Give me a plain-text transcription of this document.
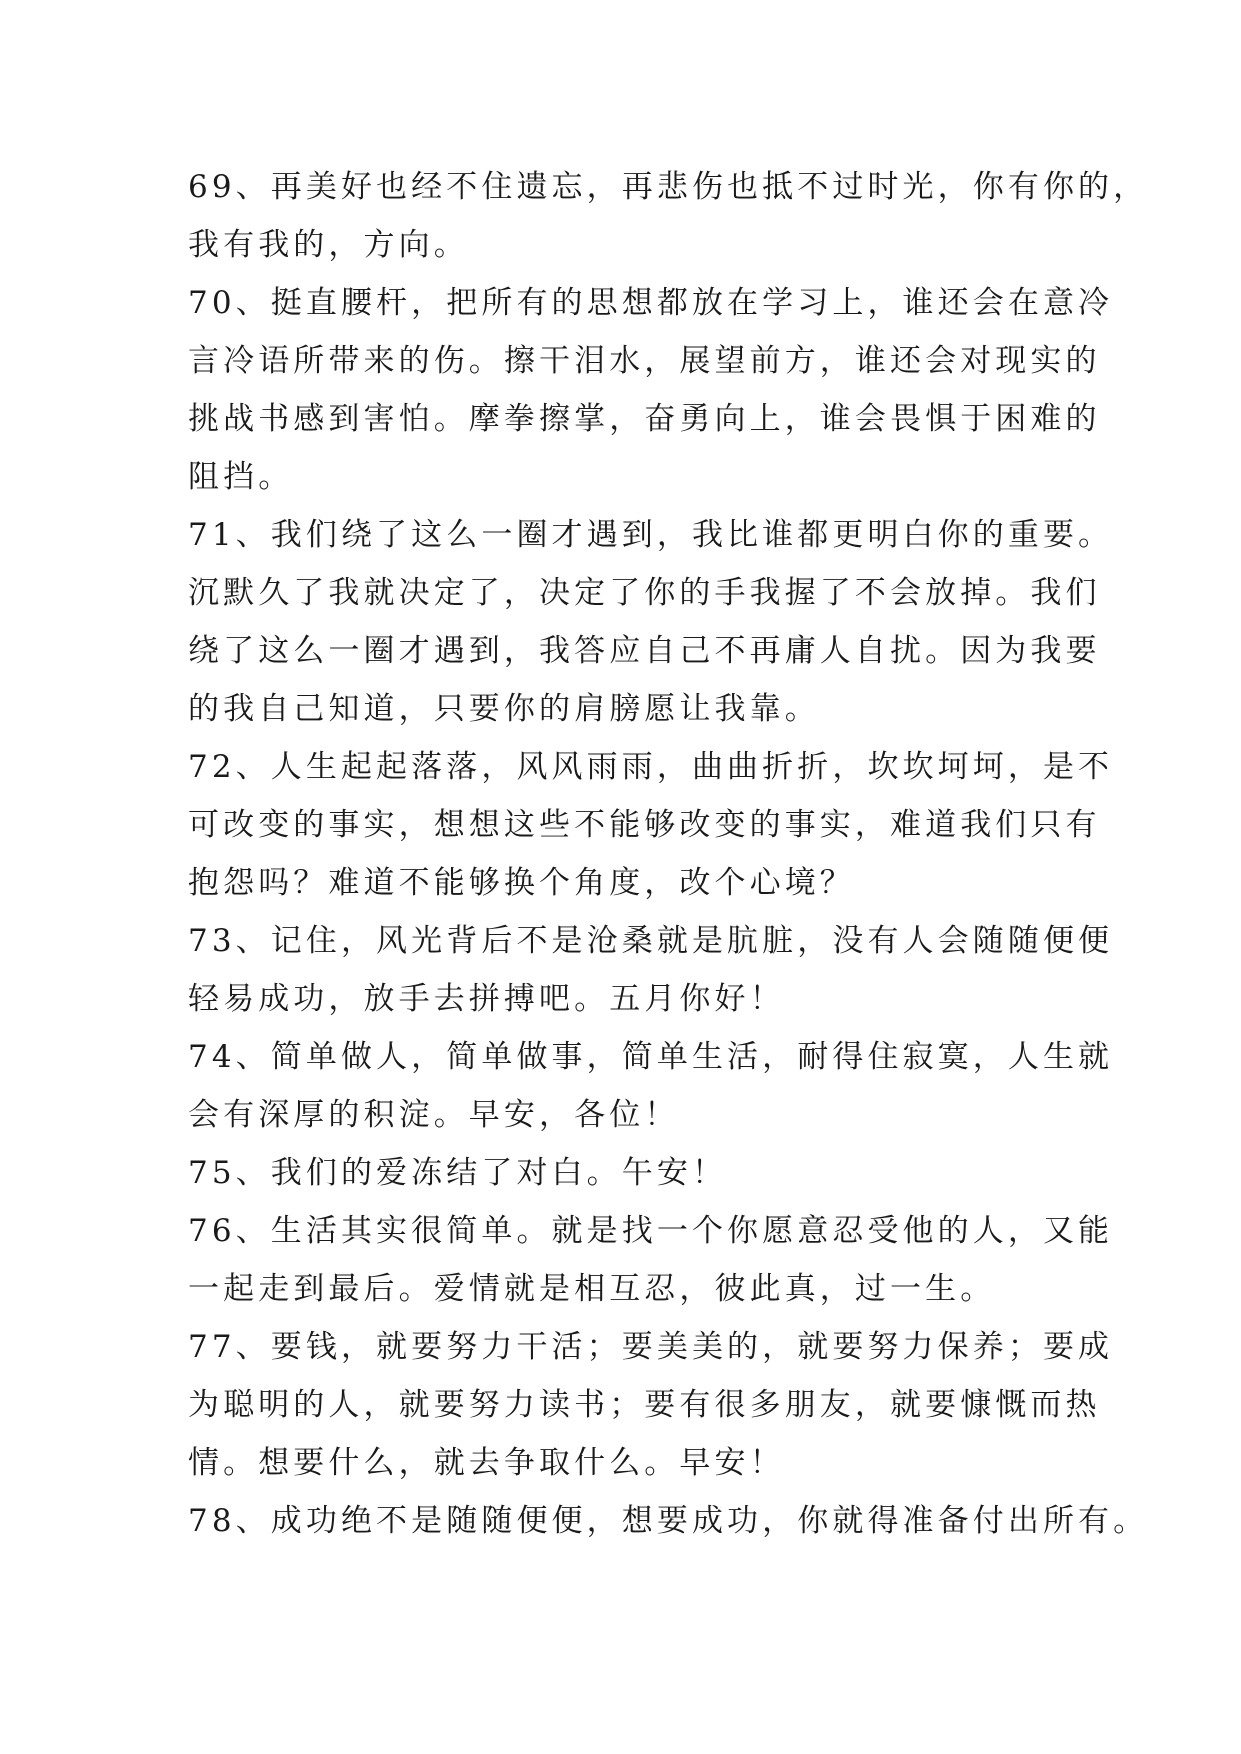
69、再美好也经不住遗忘，再悲伤也抵不过时光，你有你的，
我有我的，方向。
70、挺直腰杆，把所有的思想都放在学习上，谁还会在意冷
言冷语所带来的伤。擦干泪水，展望前方，谁还会对现实的
挑战书感到害怕。摩拳擦掌，奋勇向上，谁会畏惧于困难的
阻挡。
71、我们绕了这么一圈才遇到，我比谁都更明白你的重要。
沉默久了我就决定了，决定了你的手我握了不会放掉。我们
绕了这么一圈才遇到，我答应自己不再庸人自扰。因为我要
的我自己知道，只要你的肩膀愿让我靠。
72、人生起起落落，风风雨雨，曲曲折折，坎坎坷坷，是不
可改变的事实，想想这些不能够改变的事实，难道我们只有
抱怨吗？难道不能够换个角度，改个心境？
73、记住，风光背后不是沧桑就是肮脏，没有人会随随便便
轻易成功，放手去拼搏吧。五月你好！
74、简单做人，简单做事，简单生活，耐得住寂寞，人生就
会有深厚的积淀。早安，各位！
75、我们的爱冻结了对白。午安！
76、生活其实很简单。就是找一个你愿意忍受他的人，又能
一起走到最后。爱情就是相互忍，彼此真，过一生。
77、要钱，就要努力干活；要美美的，就要努力保养；要成
为聪明的人，就要努力读书；要有很多朋友，就要慷慨而热
情。想要什么，就去争取什么。早安！
78、成功绝不是随随便便，想要成功，你就得准备付出所有。
